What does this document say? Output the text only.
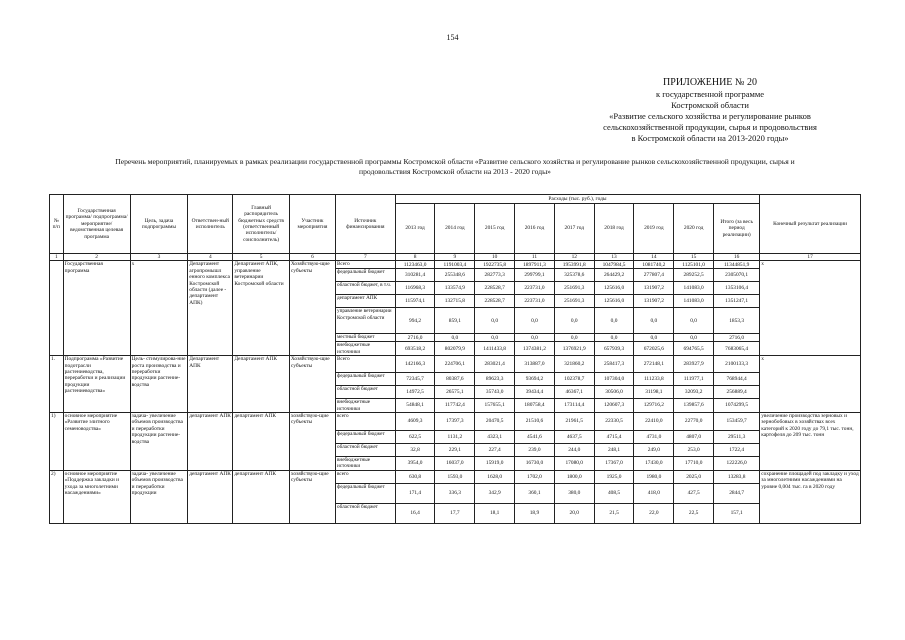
154
ПРИЛОЖЕНИЕ № 20
к государственной программе
Костромской области
«Развитие сельского хозяйства и регулирование рынков
сельскохозяйственной продукции, сырья и продовольствия
в Костромской области на 2013-2020 годы»
Перечень мероприятий, планируемых в рамках реализации государственной программы Костромской области «Развитие сельского хозяйства и регулирование рынков сельскохозяйственной продукции, сырья и
продовольствия Костромской области на 2013 - 2020 годы»
№ п/п	Государственная программа/ подпрограмма/ мероприятие/ ведомственная целевая программа	Цель, задача подпрограммы	Ответствен-ный исполнитель	Главный распорядитель бюджетных средств (ответственный исполнитель/ соисполнитель)	Участник мероприятия	Источник финансирования	Расходы (тыс. руб.), годы									Конечный результат реализации
							2013 год	2014 год	2015 год	2016 год	2017 год	2018 год	2019 год	2020 год	Итого (за весь период реализации)	
1	2	3	4	5	6	7	8	9	10	11	12	13	14	15	16	17
	Государственная программа	х	Департамент агропромышл енного комплекса Костромской области (далее - департамент АПК)	Департамент АПК, управление ветеринарии Костромской области	Хозяйствую-щие субъекты	Всего	1123463,0	1191003,4	1922735,8	1897911,3	1953991,8	1047984,5	1081740,2	1125101,0	11344851,9	х
						федеральный бюджет	310281,4	255348,6	282773,3	299799,1	325378,6	264429,2	277807,4	289252,5	2305070,1	
						областной бюджет, в т.ч.	116968,3	133574,9	228528,7	223731,0	251691,3	125616,0	131907,2	141083,0	1353106,4	
						департамент АПК	115974,1	132715,8	228528,7	223731,0	251691,3	125616,0	131907,2	141083,0	1351247,1	
						управление ветеринарии Костромской области	994,2	859,1	0,0	0,0	0,0	0,0	0,0	0,0	1853,3	
						местный бюджет	2716,0	0,0	0,0	0,0	0,0	0,0	0,0	0,0	2716,0	
						внебюджетные источники	693518,2	802079,9	1411433,8	1374381,2	1376921,9	657939,3	672025,6	694765,5	7683065,4	
1.	Подпрограмма «Развитие подотрасли растениеводства, переработки и реализации продукции растениеводства»	Цель- стимулирова-ние роста производства и переработки продукции растение-водства	Департамент АПК	Департамент АПК	Хозяйствую-щие субъекты	Всего	142166,3	224706,1	283021,4	313887,0	321860,2	258417,3	272148,1	283927,9	2100133,3	х
						федеральный бюджет	72345,7	80387,6	89623,3	93694,2	102378,7	107304,0	111233,8	111977,1	768944,4	
						областной бюджет	14972,5	26575,1	35743,0	39434,4	46367,1	30506,0	31198,1	32093,2	256889,4	
						внебюджетные источники	54848,1	117742,4	157655,1	180758,4	173114,4	120607,3	129716,2	139857,6	1074299,5	
1)	основное мероприятие «Развитие элитного семеноводства»	задача- увеличение объемов производства и переработки продукции растение-водства	департамент АПК	департамент АПК	хозяйствую-щие субъекты	всего	4609,3	17397,3	20470,5	21510,6	21961,5	22330,5	22410,0	22770,0	153459,7	увеличение производства зерновых и зернобобовых в хозяйствах всех категорий к 2020 году до 79,1 тыс. тонн, картофеля до 209 тыс. тонн
						федеральный бюджет	622,5	1131,2	4323,1	4541,6	4637,5	4715,4	4731,0	4807,0	29511,3	
						областной бюджет	32,8	229,1	227,4	239,0	244,0	248,1	249,0	253,0	1722,4	
						внебюджетные источники	3954,0	16037,0	15919,0	16730,0	17080,0	17367,0	17430,0	17710,0	122226,0	
2)	основное мероприятие «Поддержка закладки и ухода за многолетними насаждениями»	задача- увеличение объемов производства и переработки продукции	департамент АПК	департамент АПК	хозяйствую-щие субъекты	всего	630,8	1593,0	1628,0	1702,0	1800,0	1925,0	1980,0	2025,0	13283,8	сохранение площадей под закладку и уход за многолетними насаждениями на уровне 0,004 тыс. га в 2020 году
						федеральный бюджет	171,4	336,3	342,9	360,1	380,0	408,5	418,0	427,5	2844,7	
						областной бюджет	16,4	17,7	18,1	18,9	20,0	21,5	22,0	22,5	157,1	
